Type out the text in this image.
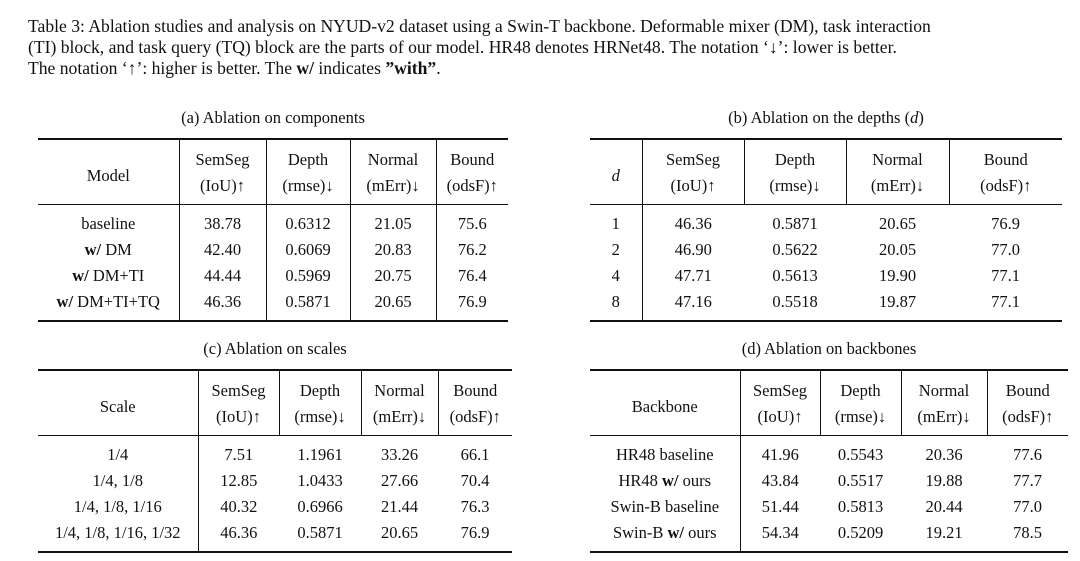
Table 3: Ablation studies and analysis on NYUD-v2 dataset using a Swin-T backbone. Deformable mixer (DM), task interaction
(TI) block, and task query (TQ) block are the parts of our model. HR48 denotes HRNet48. The notation ‘↓’: lower is better.
The notation ‘↑’: higher is better. The w/ indicates ”with”.
(a) Ablation on components
Model	SemSeg	Depth	Normal	Bound
	(IoU)↑	(rmse)↓	(mErr)↓	(odsF)↑
baseline	38.78	0.6312	21.05	75.6
w/ DM	42.40	0.6069	20.83	76.2
w/ DM+TI	44.44	0.5969	20.75	76.4
w/ DM+TI+TQ	46.36	0.5871	20.65	76.9
(b) Ablation on the depths (d)
d	SemSeg	Depth	Normal	Bound
	(IoU)↑	(rmse)↓	(mErr)↓	(odsF)↑
1	46.36	0.5871	20.65	76.9
2	46.90	0.5622	20.05	77.0
4	47.71	0.5613	19.90	77.1
8	47.16	0.5518	19.87	77.1
(c) Ablation on scales
Scale	SemSeg	Depth	Normal	Bound
	(IoU)↑	(rmse)↓	(mErr)↓	(odsF)↑
1/4	7.51	1.1961	33.26	66.1
1/4, 1/8	12.85	1.0433	27.66	70.4
1/4, 1/8, 1/16	40.32	0.6966	21.44	76.3
1/4, 1/8, 1/16, 1/32	46.36	0.5871	20.65	76.9
(d) Ablation on backbones
Backbone	SemSeg	Depth	Normal	Bound
	(IoU)↑	(rmse)↓	(mErr)↓	(odsF)↑
HR48 baseline	41.96	0.5543	20.36	77.6
HR48 w/ ours	43.84	0.5517	19.88	77.7
Swin-B baseline	51.44	0.5813	20.44	77.0
Swin-B w/ ours	54.34	0.5209	19.21	78.5
